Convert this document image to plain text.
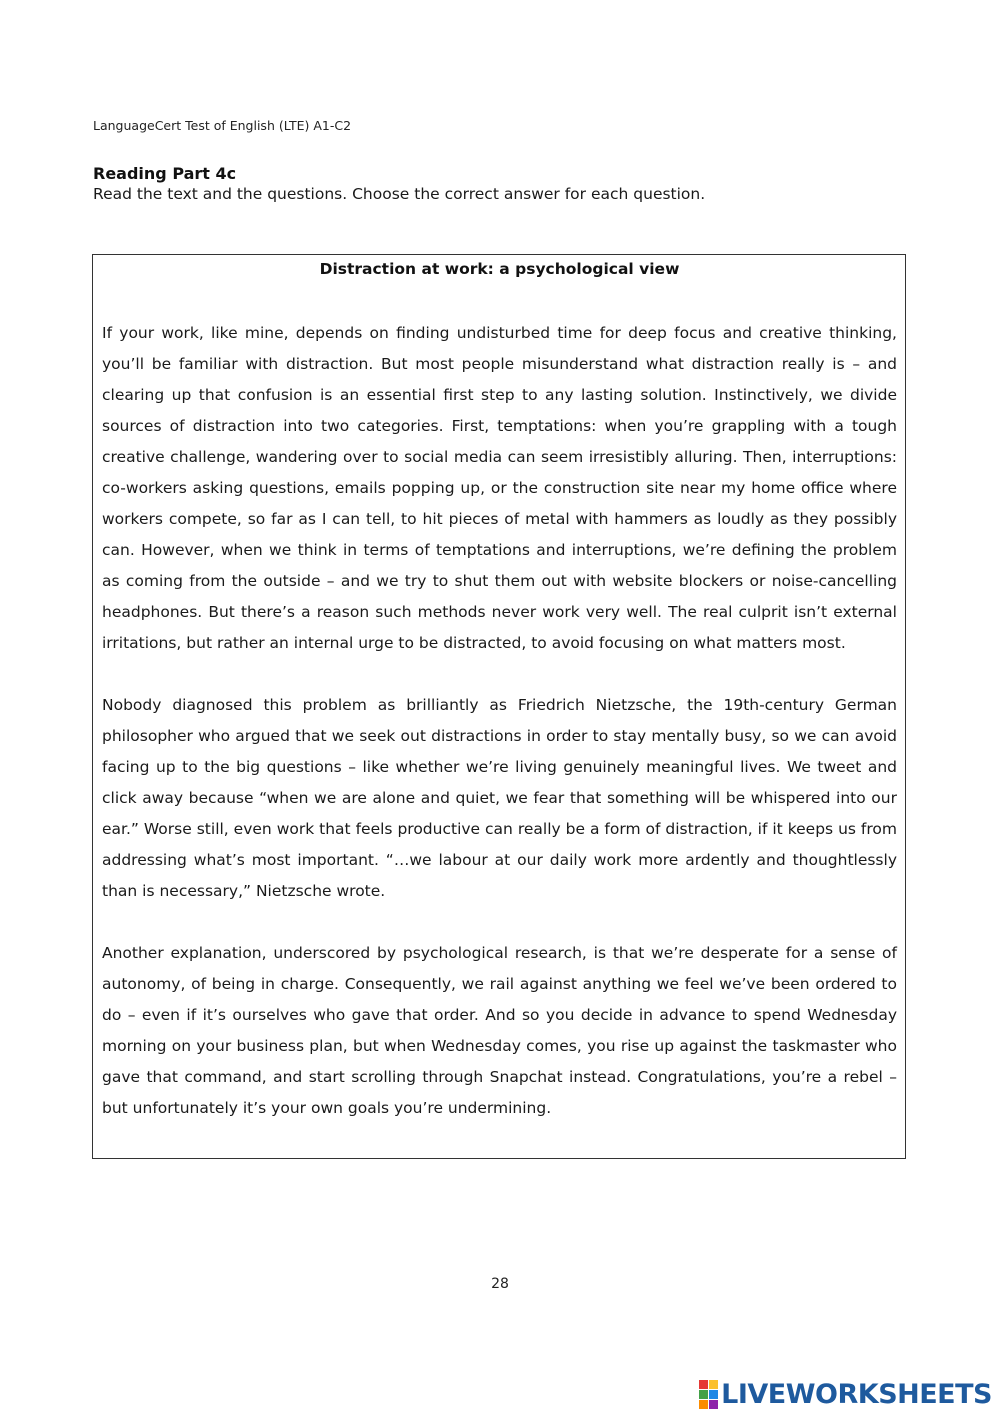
LanguageCert Test of English (LTE) A1-C2
Reading Part 4c
Read the text and the questions. Choose the correct answer for each question.
Distraction at work: a psychological view

If your work, like mine, depends on finding undisturbed time for deep focus and creative thinking, you’ll be familiar with distraction. But most people misunderstand what distraction really is – and clearing up that confusion is an essential first step to any lasting solution. Instinctively, we divide sources of distraction into two categories. First, temptations: when you’re grappling with a tough creative challenge, wandering over to social media can seem irresistibly alluring. Then, interruptions: co-workers asking questions, emails popping up, or the construction site near my home office where workers compete, so far as I can tell, to hit pieces of metal with hammers as loudly as they possibly can. However, when we think in terms of temptations and interruptions, we’re defining the problem as coming from the outside – and we try to shut them out with website blockers or noise-cancelling headphones. But there’s a reason such methods never work very well. The real culprit isn’t external irritations, but rather an internal urge to be distracted, to avoid focusing on what matters most.

Nobody diagnosed this problem as brilliantly as Friedrich Nietzsche, the 19th-century German philosopher who argued that we seek out distractions in order to stay mentally busy, so we can avoid facing up to the big questions – like whether we’re living genuinely meaningful lives. We tweet and click away because “when we are alone and quiet, we fear that something will be whispered into our ear.” Worse still, even work that feels productive can really be a form of distraction, if it keeps us from addressing what’s most important. “…we labour at our daily work more ardently and thoughtlessly than is necessary,” Nietzsche wrote.

Another explanation, underscored by psychological research, is that we’re desperate for a sense of autonomy, of being in charge. Consequently, we rail against anything we feel we’ve been ordered to do – even if it’s ourselves who gave that order. And so you decide in advance to spend Wednesday morning on your business plan, but when Wednesday comes, you rise up against the taskmaster who gave that command, and start scrolling through Snapchat instead. Congratulations, you’re a rebel – but unfortunately it’s your own goals you’re undermining.

28
LIVEWORKSHEETS
